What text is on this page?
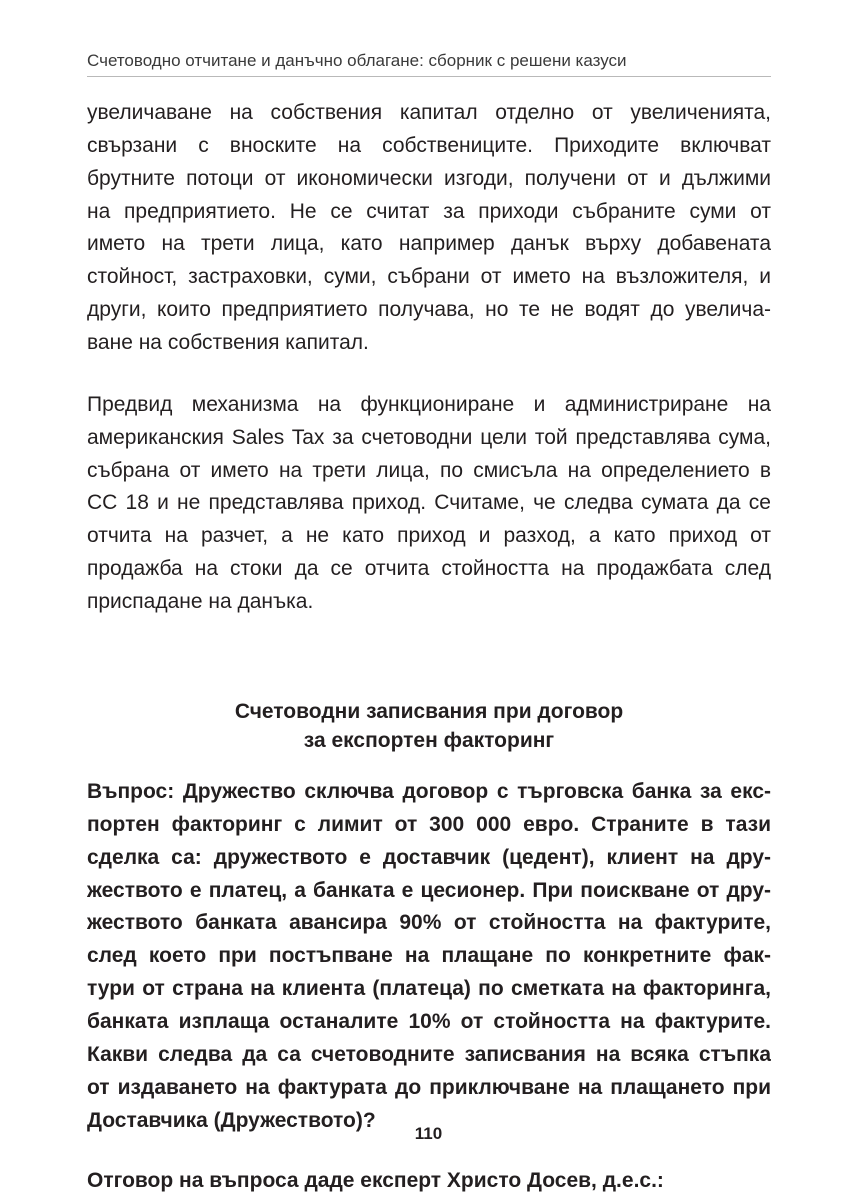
Счетоводно отчитане и данъчно облагане: сборник с решени казуси
увеличаване на собствения капитал отделно от увеличенията,
свързани с вноските на собствениците. Приходите включват
брутните потоци от икономически изгоди, получени от и дължими
на предприятието. Не се считат за приходи събраните суми от
името на трети лица, като например данък върху добавената
стойност, застраховки, суми, събрани от името на възложителя, и
други, които предприятието получава, но те не водят до увелича-
ване на собствения капитал.
Предвид механизма на функциониране и администриране на
американския Sales Tax за счетоводни цели той представлява сума,
събрана от името на трети лица, по смисъла на определението в
СС 18 и не представлява приход. Считаме, че следва сумата да се
отчита на разчет, а не като приход и разход, а като приход от
продажба на стоки да се отчита стойността на продажбата след
приспадане на данъка.
Счетоводни записвания при договор
за експортен факторинг
Въпрос: Дружество сключва договор с търговска банка за екс-
портен факторинг с лимит от 300 000 евро. Страните в тази
сделка са: дружеството е доставчик (цедент), клиент на дру-
жеството е платец, а банката е цесионер. При поискване от дру-
жеството банката авансира 90% от стойността на фактурите,
след което при постъпване на плащане по конкретните фак-
тури от страна на клиента (платеца) по сметката на факторинга,
банката изплаща останалите 10% от стойността на фактурите.
Какви следва да са счетоводните записвания на всяка стъпка
от издаването на фактурата до приключване на плащането при
Доставчика (Дружеството)?
Отговор на въпроса даде експерт Христо Досев, д.е.с.:
110
